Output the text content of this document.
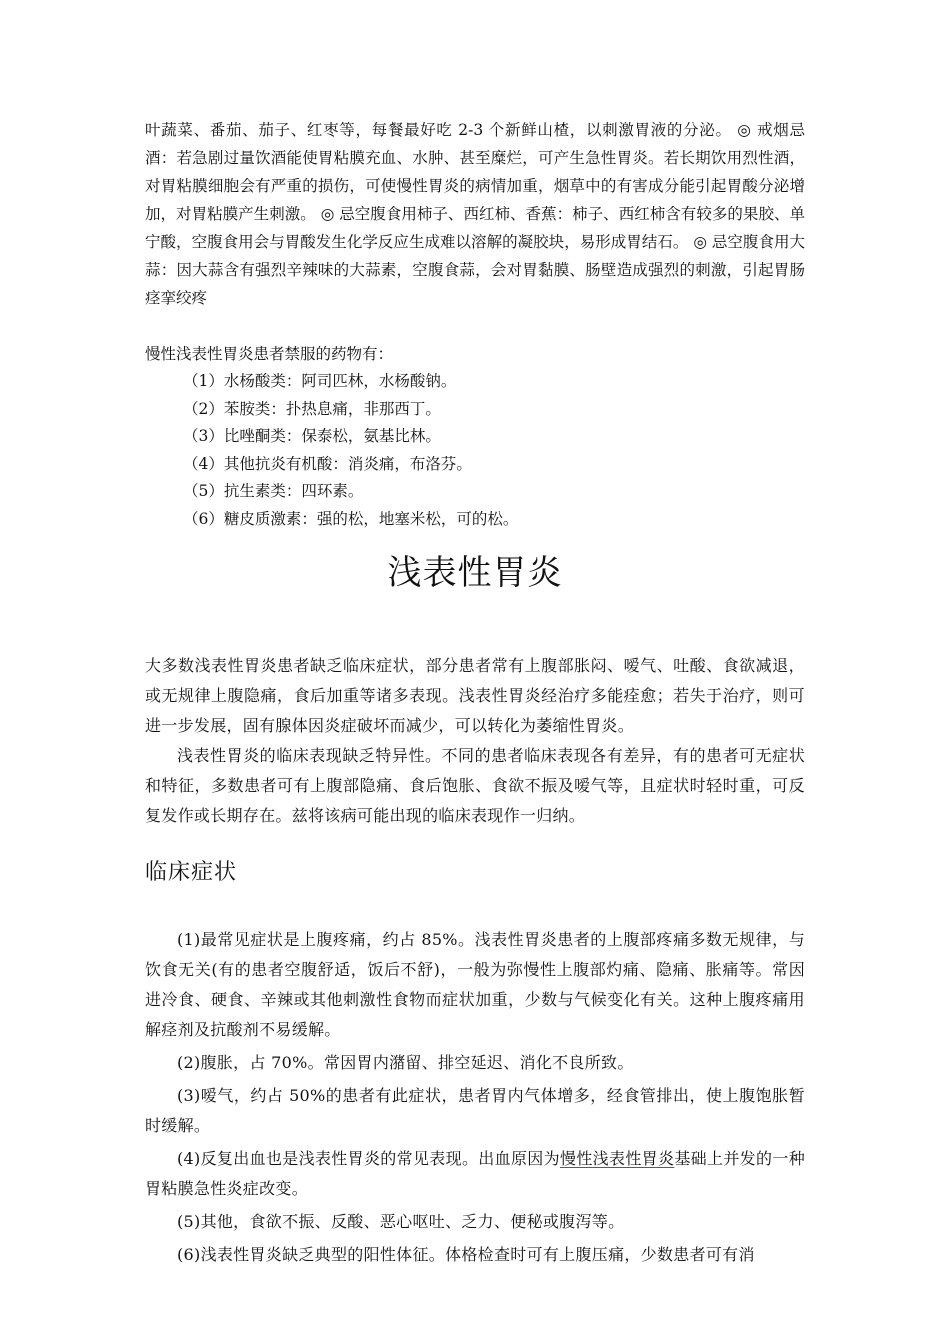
叶蔬菜、番茄、茄子、红枣等，每餐最好吃 2-3 个新鲜山楂，以刺激胃液的分泌。 ◎ 戒烟忌酒：若急剧过量饮酒能使胃粘膜充血、水肿、甚至糜烂，可产生急性胃炎。若长期饮用烈性酒，对胃粘膜细胞会有严重的损伤，可使慢性胃炎的病情加重，烟草中的有害成分能引起胃酸分泌增加，对胃粘膜产生刺激。 ◎ 忌空腹食用柿子、西红柿、香蕉：柿子、西红柿含有较多的果胶、单宁酸，空腹食用会与胃酸发生化学反应生成难以溶解的凝胶块，易形成胃结石。 ◎ 忌空腹食用大蒜：因大蒜含有强烈辛辣味的大蒜素，空腹食蒜，会对胃黏膜、肠壁造成强烈的刺激，引起胃肠痉挛绞疼

慢性浅表性胃炎患者禁服的药物有：

（1）水杨酸类：阿司匹林，水杨酸钠。
（2）苯胺类：扑热息痛，非那西丁。
（3）比唑酮类：保泰松，氨基比林。
（4）其他抗炎有机酸：消炎痛，布洛芬。
（5）抗生素类：四环素。
（6）糖皮质激素：强的松，地塞米松，可的松。
浅表性胃炎

大多数浅表性胃炎患者缺乏临床症状，部分患者常有上腹部胀闷、嗳气、吐酸、食欲减退，或无规律上腹隐痛，食后加重等诸多表现。浅表性胃炎经治疗多能痊愈；若失于治疗，则可进一步发展，固有腺体因炎症破坏而减少，可以转化为萎缩性胃炎。

浅表性胃炎的临床表现缺乏特异性。不同的患者临床表现各有差异，有的患者可无症状和特征，多数患者可有上腹部隐痛、食后饱胀、食欲不振及嗳气等，且症状时轻时重，可反复发作或长期存在。兹将该病可能出现的临床表现作一归纳。

临床症状

(1)最常见症状是上腹疼痛，约占 85%。浅表性胃炎患者的上腹部疼痛多数无规律，与饮食无关(有的患者空腹舒适，饭后不舒)，一般为弥慢性上腹部灼痛、隐痛、胀痛等。常因进冷食、硬食、辛辣或其他刺激性食物而症状加重，少数与气候变化有关。这种上腹疼痛用解痉剂及抗酸剂不易缓解。

(2)腹胀，占 70%。常因胃内潴留、排空延迟、消化不良所致。

(3)嗳气，约占 50%的患者有此症状，患者胃内气体增多，经食管排出，使上腹饱胀暂时缓解。

(4)反复出血也是浅表性胃炎的常见表现。出血原因为慢性浅表性胃炎基础上并发的一种胃粘膜急性炎症改变。

(5)其他，食欲不振、反酸、恶心呕吐、乏力、便秘或腹泻等。

(6)浅表性胃炎缺乏典型的阳性体征。体格检查时可有上腹压痛，少数患者可有消
